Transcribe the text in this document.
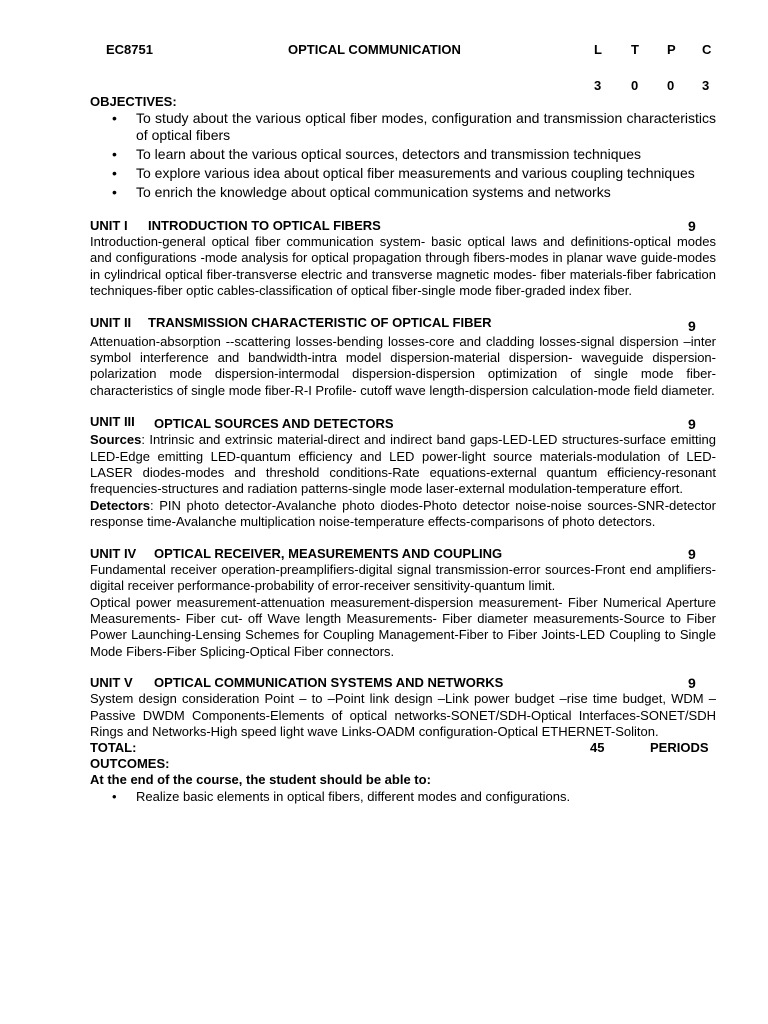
EC8751	OPTICAL COMMUNICATION	L T P C
3 0 0 3
OBJECTIVES:
• To study about the various optical fiber modes, configuration and transmission characteristics of optical fibers
• To learn about the various optical sources, detectors and transmission techniques
• To explore various idea about optical fiber measurements and various coupling techniques
• To enrich the knowledge about optical communication systems and networks
UNIT I INTRODUCTION TO OPTICAL FIBERS	9
Introduction-general optical fiber communication system- basic optical laws and definitions-optical modes and configurations -mode analysis for optical propagation through fibers-modes in planar wave guide-modes in cylindrical optical fiber-transverse electric and transverse magnetic modes- fiber materials-fiber fabrication techniques-fiber optic cables-classification of optical fiber-single mode fiber-graded index fiber.
UNIT II TRANSMISSION CHARACTERISTIC OF OPTICAL FIBER	9
Attenuation-absorption --scattering losses-bending losses-core and cladding losses-signal dispersion –inter symbol interference and bandwidth-intra model dispersion-material dispersion- waveguide dispersion-polarization mode dispersion-intermodal dispersion-dispersion optimization of single mode fiber-characteristics of single mode fiber-R-I Profile- cutoff wave length-dispersion calculation-mode field diameter.
UNIT III OPTICAL SOURCES AND DETECTORS	9
Sources: Intrinsic and extrinsic material-direct and indirect band gaps-LED-LED structures-surface emitting LED-Edge emitting LED-quantum efficiency and LED power-light source materials-modulation of LED-LASER diodes-modes and threshold conditions-Rate equations-external quantum efficiency-resonant frequencies-structures and radiation patterns-single mode laser-external modulation-temperature effort.
Detectors: PIN photo detector-Avalanche photo diodes-Photo detector noise-noise sources-SNR-detector response time-Avalanche multiplication noise-temperature effects-comparisons of photo detectors.
UNIT IV OPTICAL RECEIVER, MEASUREMENTS AND COUPLING	9
Fundamental receiver operation-preamplifiers-digital signal transmission-error sources-Front end amplifiers-digital receiver performance-probability of error-receiver sensitivity-quantum limit.
Optical power measurement-attenuation measurement-dispersion measurement- Fiber Numerical Aperture Measurements- Fiber cut- off Wave length Measurements- Fiber diameter measurements-Source to Fiber Power Launching-Lensing Schemes for Coupling Management-Fiber to Fiber Joints-LED Coupling to Single Mode Fibers-Fiber Splicing-Optical Fiber connectors.
UNIT V OPTICAL COMMUNICATION SYSTEMS AND NETWORKS	9
System design consideration Point – to –Point link design –Link power budget –rise time budget, WDM –Passive DWDM Components-Elements of optical networks-SONET/SDH-Optical Interfaces-SONET/SDH Rings and Networks-High speed light wave Links-OADM configuration-Optical ETHERNET-Soliton.
TOTAL:	45	PERIODS
OUTCOMES:
At the end of the course, the student should be able to:
• Realize basic elements in optical fibers, different modes and configurations.
